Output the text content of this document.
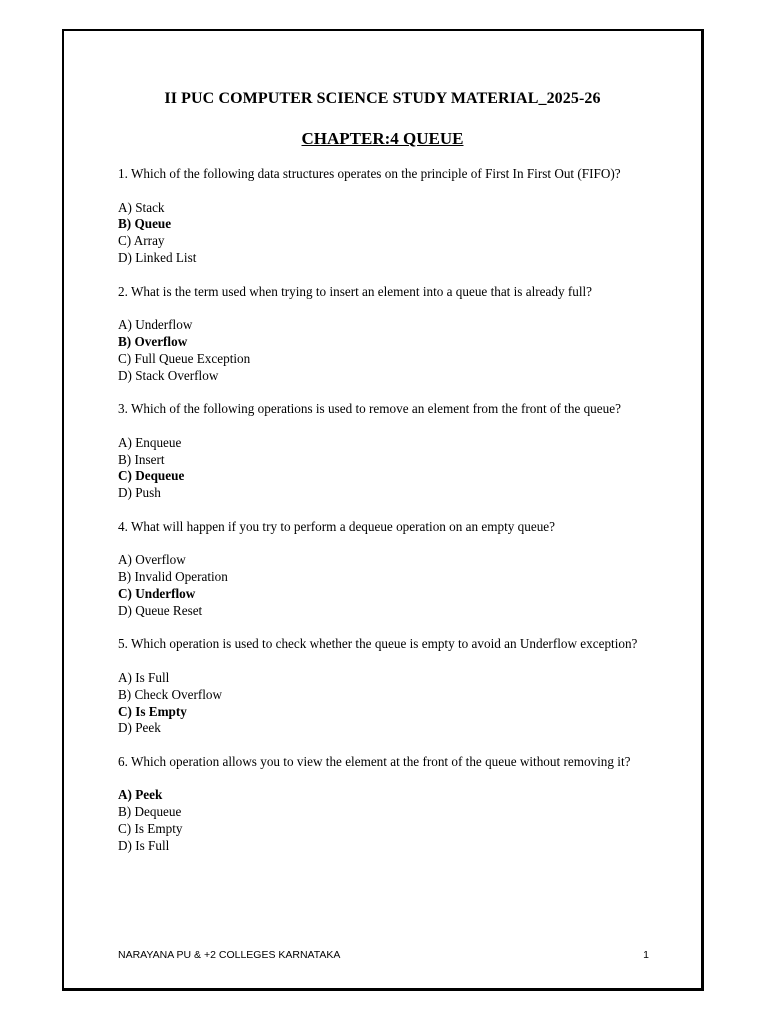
II PUC COMPUTER SCIENCE STUDY MATERIAL_2025-26
CHAPTER:4 QUEUE
1. Which of the following data structures operates on the principle of First In First Out (FIFO)?
A) Stack
B) Queue
C) Array
D) Linked List
2. What is the term used when trying to insert an element into a queue that is already full?
A) Underflow
B) Overflow
C) Full Queue Exception
D) Stack Overflow
3. Which of the following operations is used to remove an element from the front of the queue?
A) Enqueue
B) Insert
C) Dequeue
D) Push
4. What will happen if you try to perform a dequeue operation on an empty queue?
A) Overflow
B) Invalid Operation
C) Underflow
D) Queue Reset
5. Which operation is used to check whether the queue is empty to avoid an Underflow exception?
A) Is Full
B) Check Overflow
C) Is Empty
D) Peek
6. Which operation allows you to view the element at the front of the queue without removing it?
A) Peek
B) Dequeue
C) Is Empty
D) Is Full
NARAYANA PU & +2 COLLEGES KARNATAKA	1
